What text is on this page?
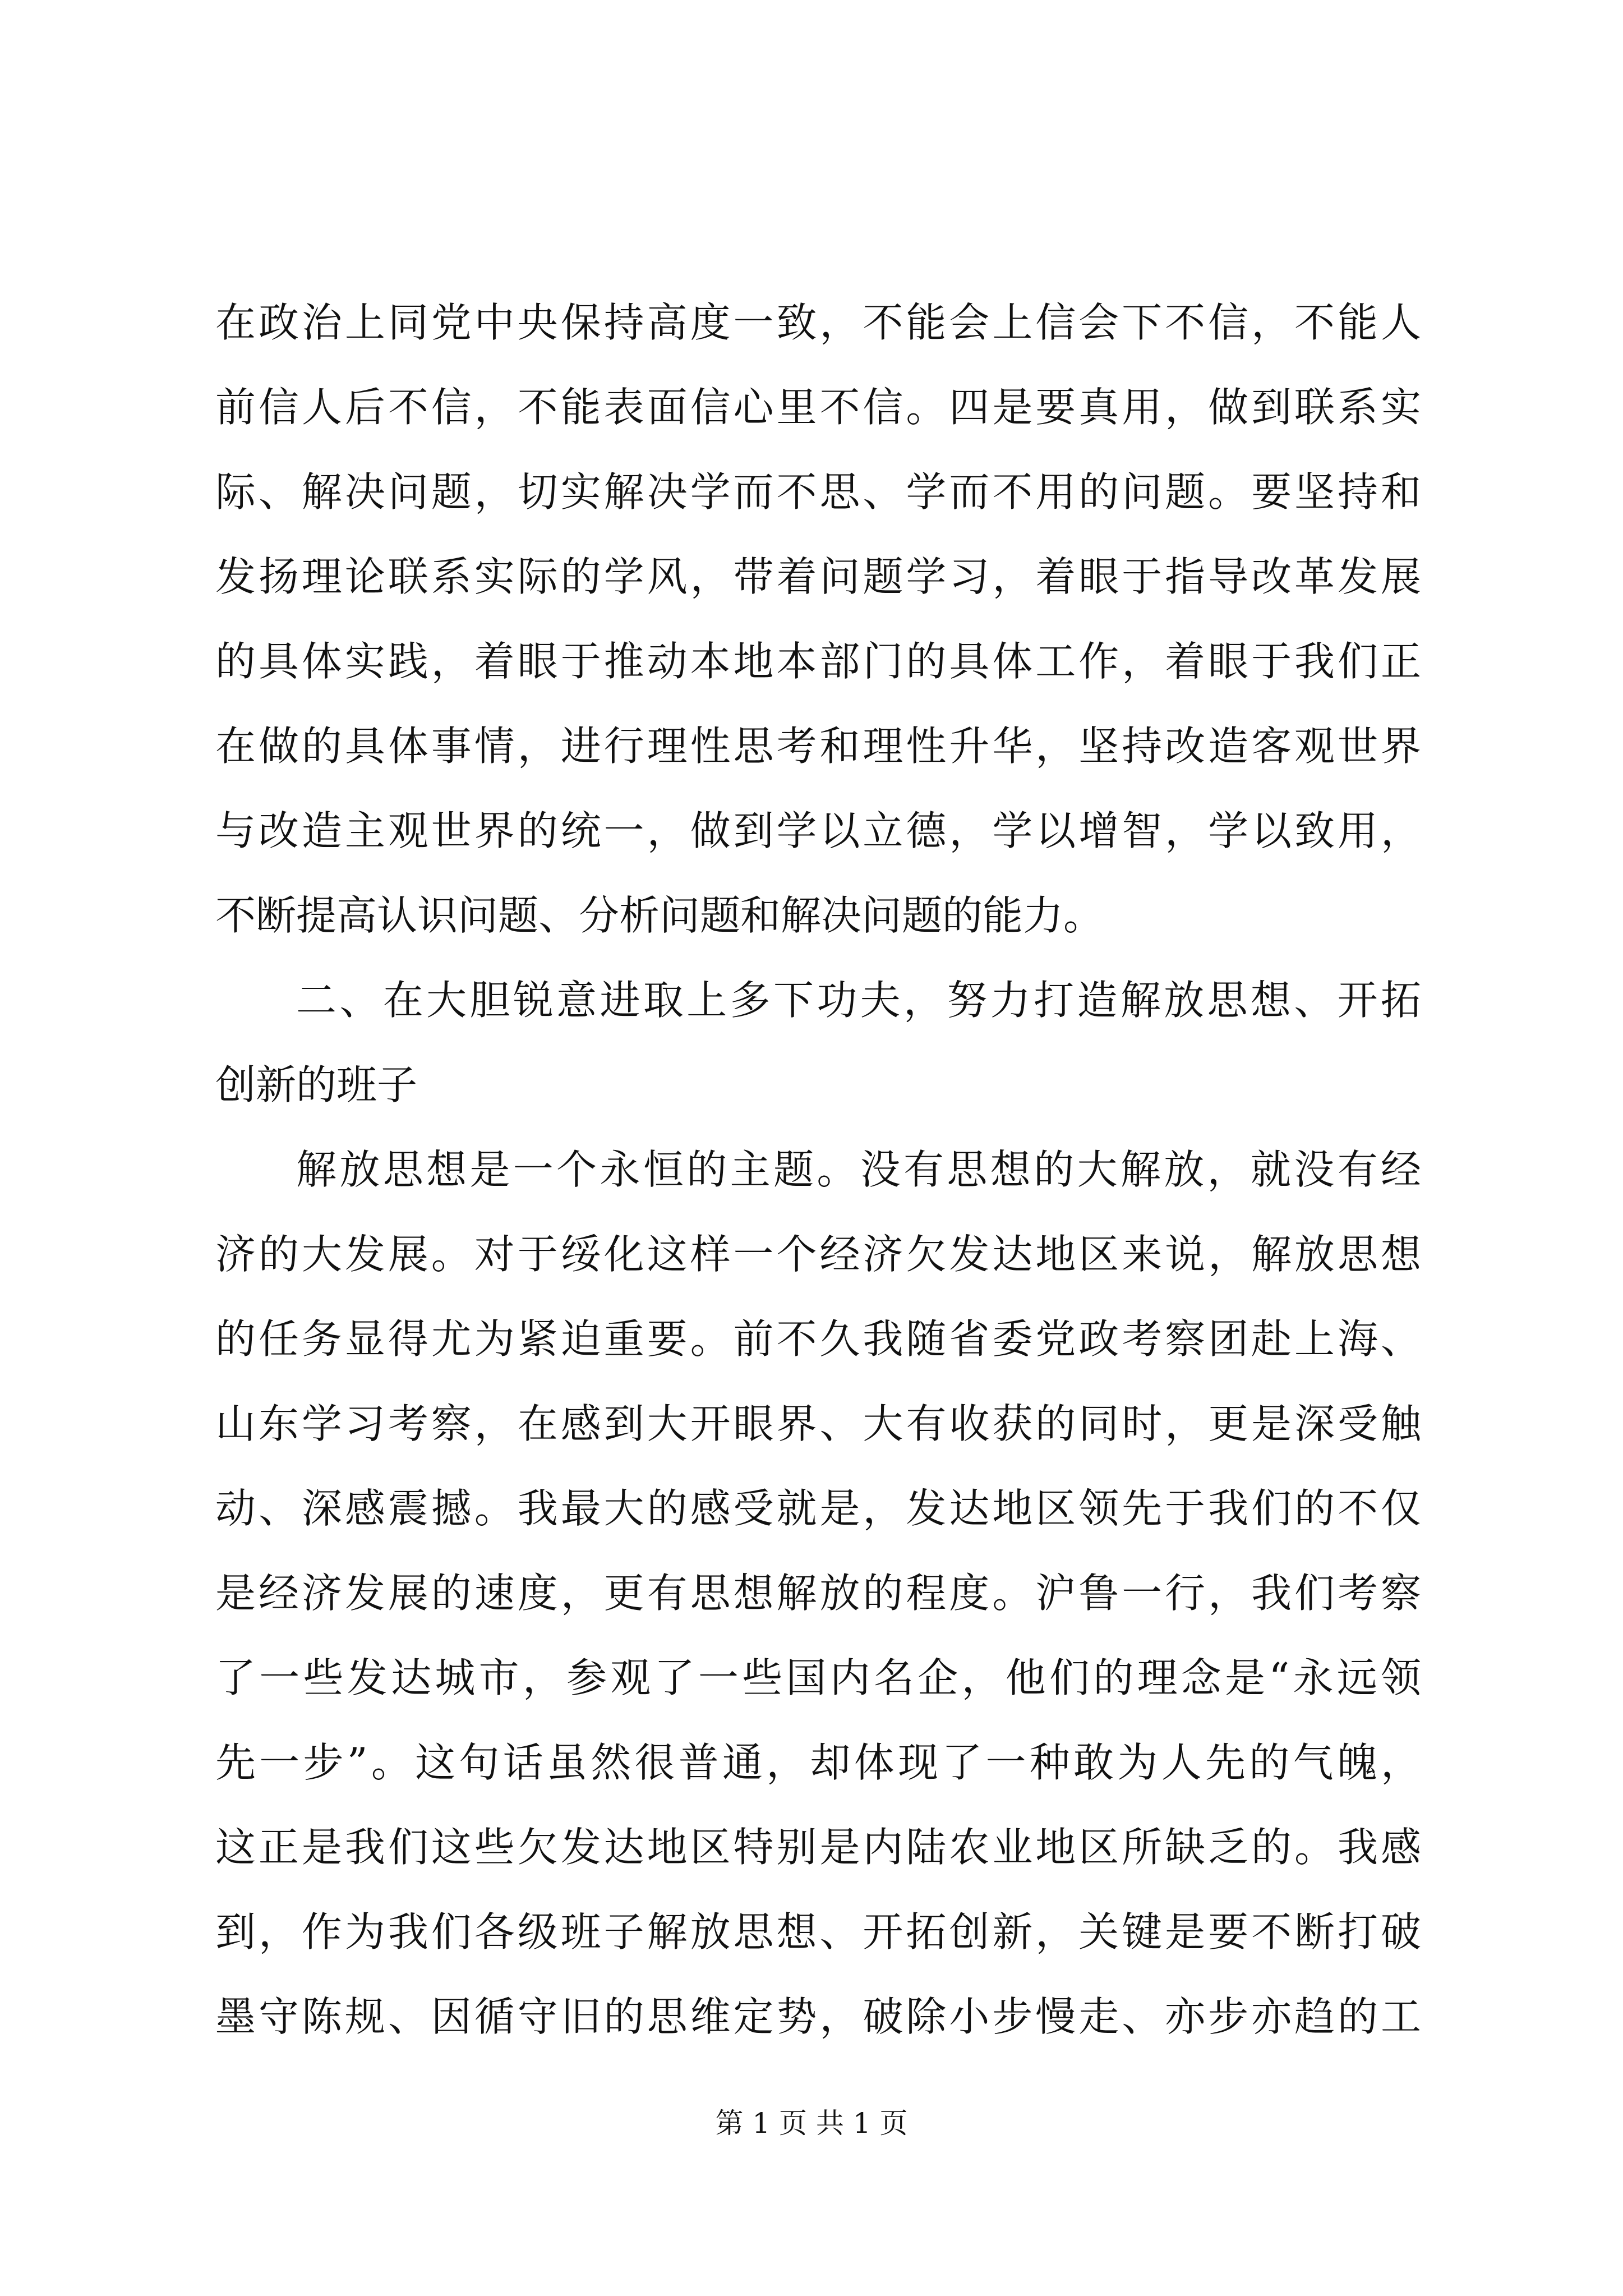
在政治上同党中央保持高度一致，不能会上信会下不信，不能人
前信人后不信，不能表面信心里不信。四是要真用，做到联系实
际、解决问题，切实解决学而不思、学而不用的问题。要坚持和
发扬理论联系实际的学风，带着问题学习，着眼于指导改革发展
的具体实践，着眼于推动本地本部门的具体工作，着眼于我们正
在做的具体事情，进行理性思考和理性升华，坚持改造客观世界
与改造主观世界的统一，做到学以立德，学以增智，学以致用，
不断提高认识问题、分析问题和解决问题的能力。
二、在大胆锐意进取上多下功夫，努力打造解放思想、开拓
创新的班子
解放思想是一个永恒的主题。没有思想的大解放，就没有经
济的大发展。对于绥化这样一个经济欠发达地区来说，解放思想
的任务显得尤为紧迫重要。前不久我随省委党政考察团赴上海、
山东学习考察，在感到大开眼界、大有收获的同时，更是深受触
动、深感震撼。我最大的感受就是，发达地区领先于我们的不仅
是经济发展的速度，更有思想解放的程度。沪鲁一行，我们考察
了一些发达城市，参观了一些国内名企，他们的理念是“永远领
先一步”。这句话虽然很普通，却体现了一种敢为人先的气魄，
这正是我们这些欠发达地区特别是内陆农业地区所缺乏的。我感
到，作为我们各级班子解放思想、开拓创新，关键是要不断打破
墨守陈规、因循守旧的思维定势，破除小步慢走、亦步亦趋的工
第 1 页 共 1 页
